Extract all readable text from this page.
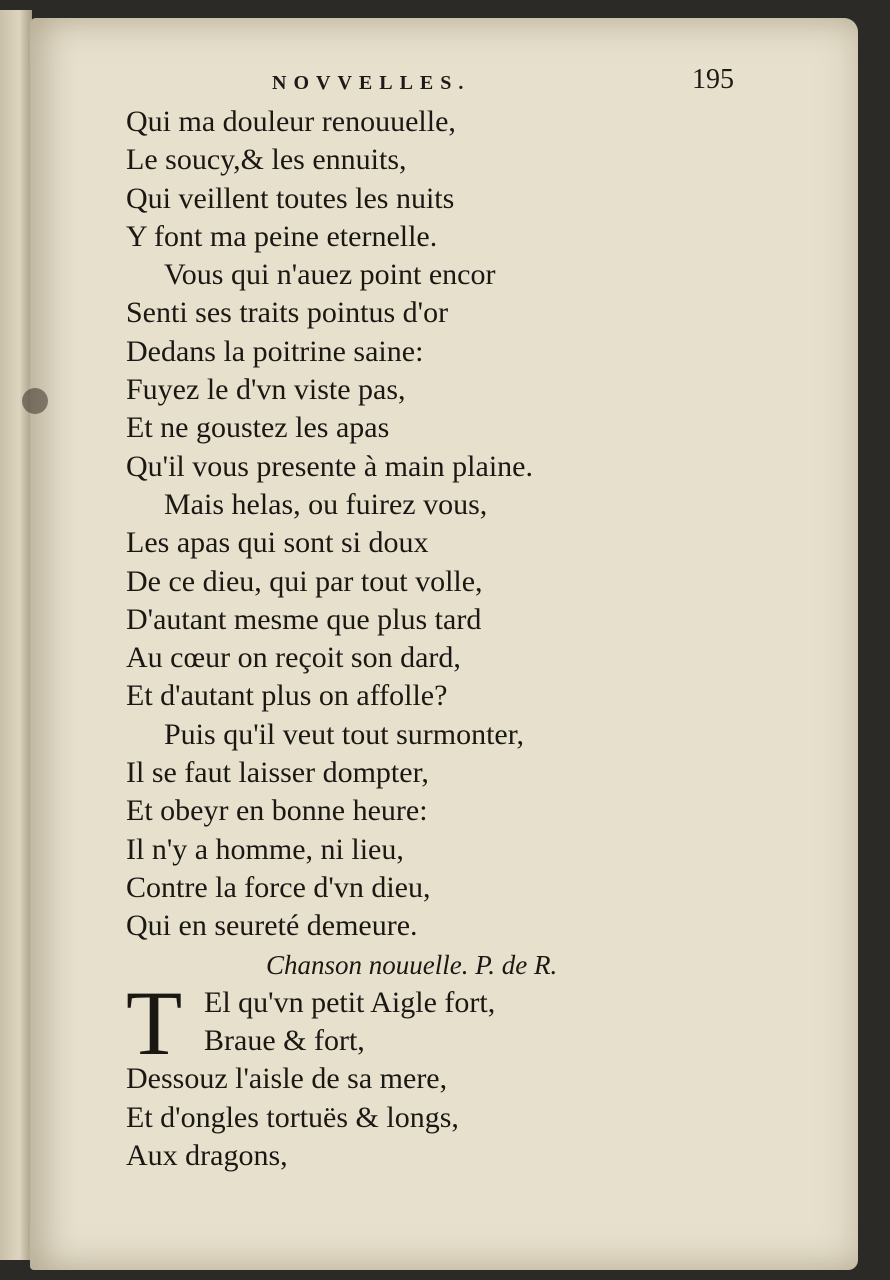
NOVVELLES.	195
Qui ma douleur renouuelle,
Le soucy,& les ennuits,
Qui veillent toutes les nuits
Y font ma peine eternelle.
Vous qui n'auez point encor
Senti ses traits pointus d'or
Dedans la poitrine saine:
Fuyez le d'vn viste pas,
Et ne goustez les apas
Qu'il vous presente à main plaine.
Mais helas, ou fuirez vous,
Les apas qui sont si doux
De ce dieu, qui par tout volle,
D'autant mesme que plus tard
Au cœur on reçoit son dard,
Et d'autant plus on affolle?
Puis qu'il veut tout surmonter,
Il se faut laisser dompter,
Et obeyr en bonne heure:
Il n'y a homme, ni lieu,
Contre la force d'vn dieu,
Qui en seureté demeure.
Chanson nouuelle. P. de R.
T El qu'vn petit Aigle fort,
Braue & fort,
Dessouz l'aisle de sa mere,
Et d'ongles tortuës & longs,
Aux dragons,
